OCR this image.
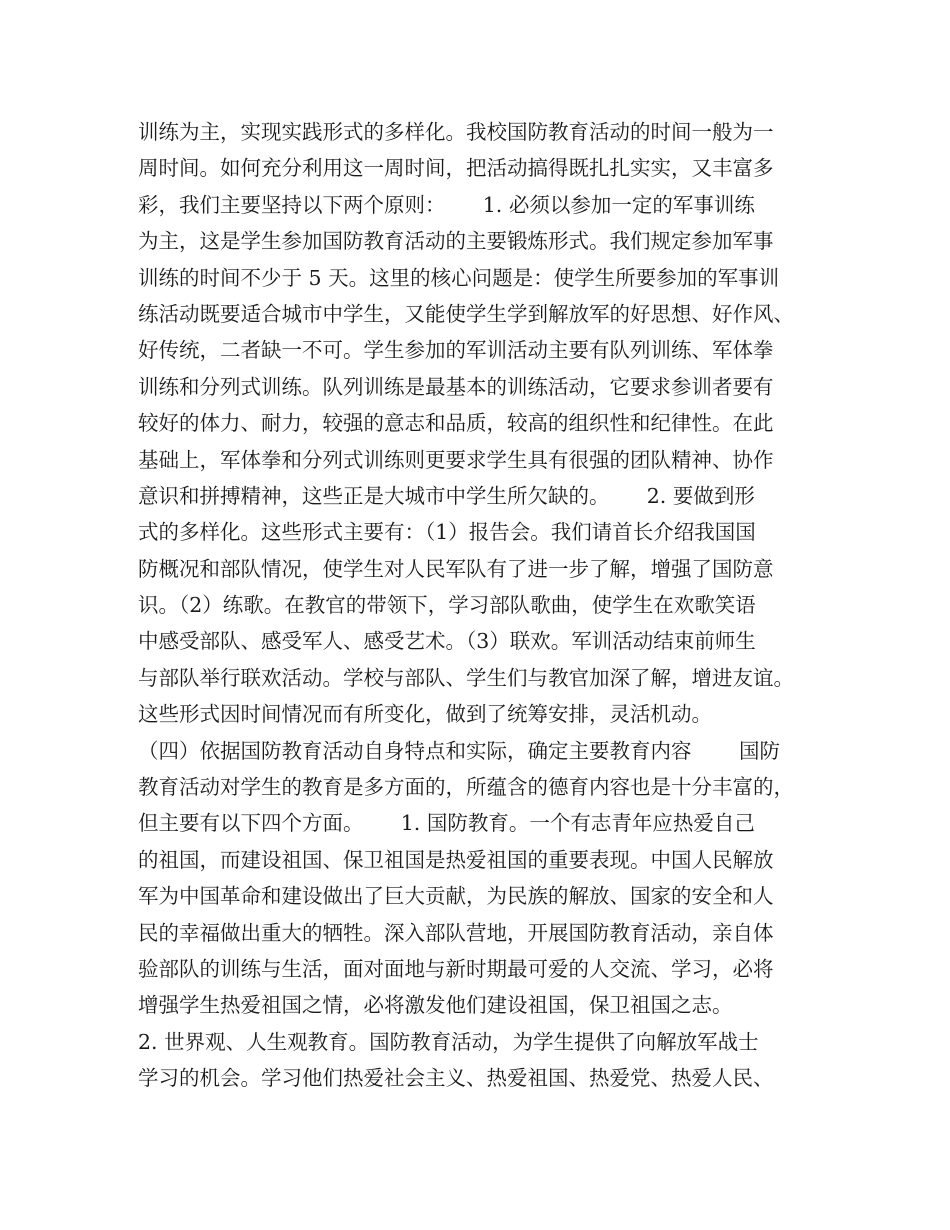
训练为主，实现实践形式的多样化。我校国防教育活动的时间一般为一
周时间。如何充分利用这一周时间，把活动搞得既扎扎实实，又丰富多
彩，我们主要坚持以下两个原则：　　 1. 必须以参加一定的军事训练
为主，这是学生参加国防教育活动的主要锻炼形式。我们规定参加军事
训练的时间不少于 5 天。这里的核心问题是：使学生所要参加的军事训
练活动既要适合城市中学生，又能使学生学到解放军的好思想、好作风、
好传统，二者缺一不可。学生参加的军训活动主要有队列训练、军体拳
训练和分列式训练。队列训练是最基本的训练活动，它要求参训者要有
较好的体力、耐力，较强的意志和品质，较高的组织性和纪律性。在此
基础上，军体拳和分列式训练则更要求学生具有很强的团队精神、协作
意识和拼搏精神，这些正是大城市中学生所欠缺的。　　 2. 要做到形
式的多样化。这些形式主要有：（1）报告会。我们请首长介绍我国国
防概况和部队情况，使学生对人民军队有了进一步了解，增强了国防意
识。（2）练歌。在教官的带领下，学习部队歌曲，使学生在欢歌笑语
中感受部队、感受军人、感受艺术。（3）联欢。军训活动结束前师生
与部队举行联欢活动。学校与部队、学生们与教官加深了解，增进友谊。
这些形式因时间情况而有所变化，做到了统筹安排，灵活机动。
（四）依据国防教育活动自身特点和实际，确定主要教育内容　　 国防
教育活动对学生的教育是多方面的，所蕴含的德育内容也是十分丰富的，
但主要有以下四个方面。　　 1. 国防教育。一个有志青年应热爱自己
的祖国，而建设祖国、保卫祖国是热爱祖国的重要表现。中国人民解放
军为中国革命和建设做出了巨大贡献，为民族的解放、国家的安全和人
民的幸福做出重大的牺牲。深入部队营地，开展国防教育活动，亲自体
验部队的训练与生活，面对面地与新时期最可爱的人交流、学习，必将
增强学生热爱祖国之情，必将激发他们建设祖国，保卫祖国之志。
2. 世界观、人生观教育。国防教育活动，为学生提供了向解放军战士
学习的机会。学习他们热爱社会主义、热爱祖国、热爱党、热爱人民、
